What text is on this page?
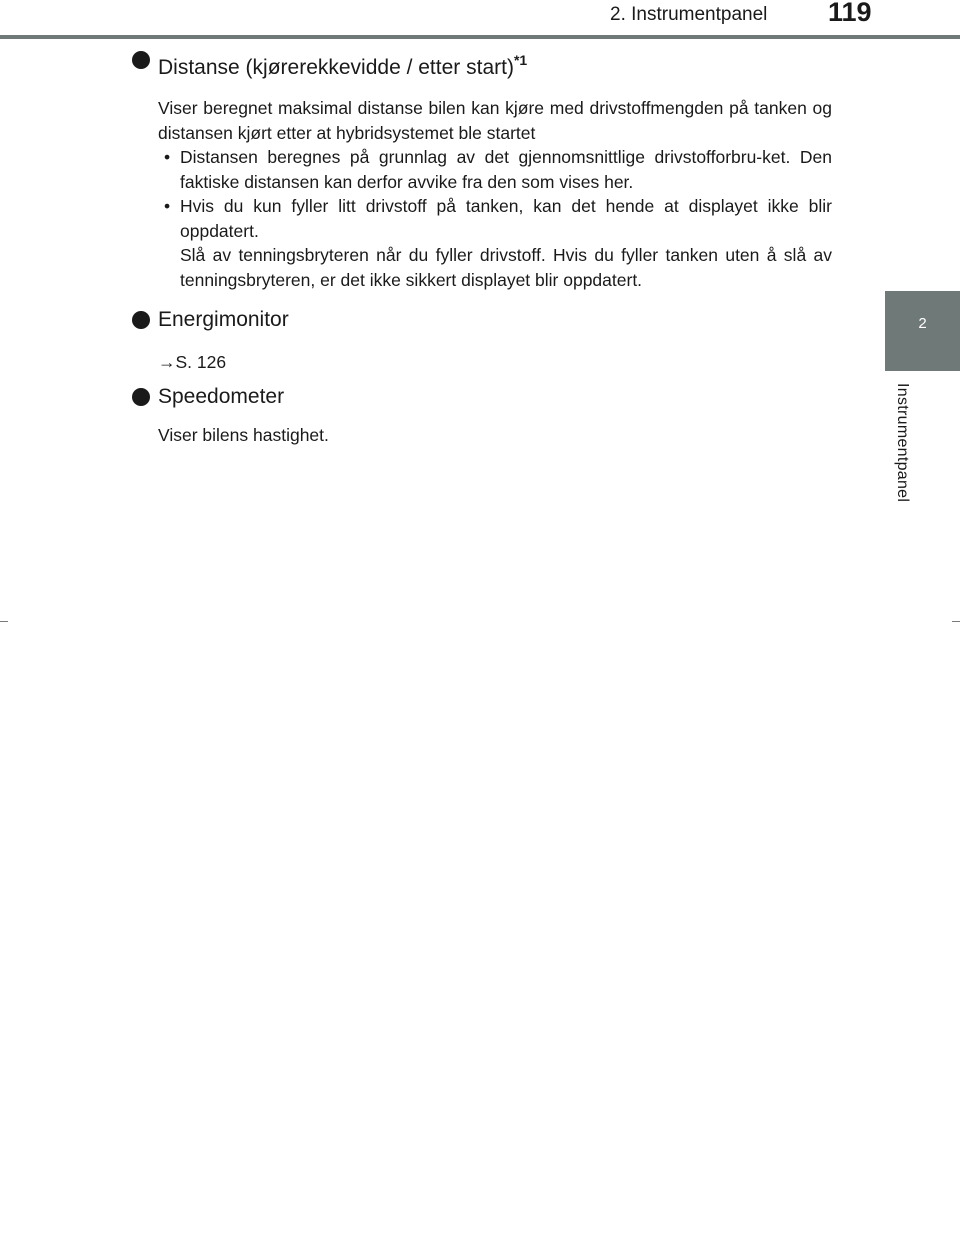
2. Instrumentpanel 119
2
Instrumentpanel
Distanse (kjørerekkevidde / etter start)$^{*1}$
Viser beregnet maksimal distanse bilen kan kjøre med drivstoffmengden på tanken og distansen kjørt etter at hybridsystemet ble startet
• Distansen beregnes på grunnlag av det gjennomsnittlige drivstofforbru-ket. Den faktiske distansen kan derfor avvike fra den som vises her.
• Hvis du kun fyller litt drivstoff på tanken, kan det hende at displayet ikke blir oppdatert.
Slå av tenningsbryteren når du fyller drivstoff. Hvis du fyller tanken uten å slå av tenningsbryteren, er det ikke sikkert displayet blir oppdatert.
Energimonitor
→S. 126
Speedometer
Viser bilens hastighet.
